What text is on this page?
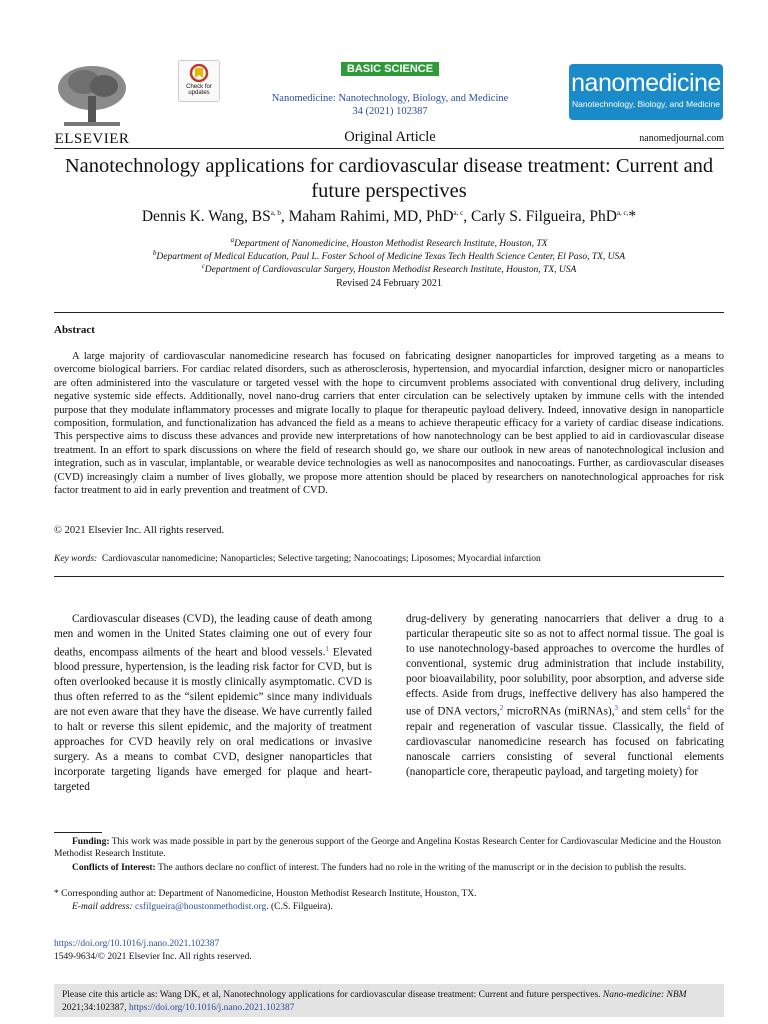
ELSEVIER
Check for
updates
BASIC SCIENCE
Nanomedicine: Nanotechnology, Biology, and Medicine
34 (2021) 102387
nanomedicine
Nanotechnology, Biology, and Medicine
Original Article	nanomedjournal.com
Nanotechnology applications for cardiovascular disease treatment: Current and future perspectives
Dennis K. Wang, BS$^{a, b}$, Maham Rahimi, MD, PhD$^{a, c}$, Carly S. Filgueira, PhD$^{a, c,}$*
$^a$Department of Nanomedicine, Houston Methodist Research Institute, Houston, TX
$^b$Department of Medical Education, Paul L. Foster School of Medicine Texas Tech Health Science Center, El Paso, TX, USA
$^c$Department of Cardiovascular Surgery, Houston Methodist Research Institute, Houston, TX, USA
Revised 24 February 2021
Abstract
A large majority of cardiovascular nanomedicine research has focused on fabricating designer nanoparticles for improved targeting as a means to overcome biological barriers. For cardiac related disorders, such as atherosclerosis, hypertension, and myocardial infarction, designer micro or nanoparticles are often administered into the vasculature or targeted vessel with the hope to circumvent problems associated with conventional drug delivery, including negative systemic side effects. Additionally, novel nano-drug carriers that enter circulation can be selectively uptaken by immune cells with the intended purpose that they modulate inflammatory processes and migrate locally to plaque for therapeutic payload delivery. Indeed, innovative design in nanoparticle composition, formulation, and functionalization has advanced the field as a means to achieve therapeutic efficacy for a variety of cardiac disease indications. This perspective aims to discuss these advances and provide new interpretations of how nanotechnology can be best applied to aid in cardiovascular disease treatment. In an effort to spark discussions on where the field of research should go, we share our outlook in new areas of nanotechnological inclusion and integration, such as in vascular, implantable, or wearable device technologies as well as nanocomposites and nanocoatings. Further, as cardiovascular diseases (CVD) increasingly claim a number of lives globally, we propose more attention should be placed by researchers on nanotechnological approaches for risk factor treatment to aid in early prevention and treatment of CVD.
© 2021 Elsevier Inc. All rights reserved.
Key words: Cardiovascular nanomedicine; Nanoparticles; Selective targeting; Nanocoatings; Liposomes; Myocardial infarction
Cardiovascular diseases (CVD), the leading cause of death among men and women in the United States claiming one out of every four deaths, encompass ailments of the heart and blood vessels.$^1$ Elevated blood pressure, hypertension, is the leading risk factor for CVD, but is often overlooked because it is mostly clinically asymptomatic. CVD is thus often referred to as the “silent epidemic” since many individuals are not even aware that they have the disease. We have currently failed to halt or reverse this silent epidemic, and the majority of treatment approaches for CVD heavily rely on oral medications or invasive surgery. As a means to combat CVD, designer nanoparticles that incorporate targeting ligands have emerged for plaque and heart-targeted
drug-delivery by generating nanocarriers that deliver a drug to a particular therapeutic site so as not to affect normal tissue. The goal is to use nanotechnology-based approaches to overcome the hurdles of conventional, systemic drug administration that include instability, poor bioavailability, poor solubility, poor absorption, and adverse side effects. Aside from drugs, ineffective delivery has also hampered the use of DNA vectors,$^2$ microRNAs (miRNAs),$^3$ and stem cells$^4$ for the repair and regeneration of vascular tissue. Classically, the field of cardiovascular nanomedicine research has focused on fabricating nanoscale carriers consisting of several functional elements (nanoparticle core, therapeutic payload, and targeting moiety) for
Funding: This work was made possible in part by the generous support of the George and Angelina Kostas Research Center for Cardiovascular Medicine and the Houston Methodist Research Institute.
Conflicts of Interest: The authors declare no conflict of interest. The funders had no role in the writing of the manuscript or in the decision to publish the results.
* Corresponding author at: Department of Nanomedicine, Houston Methodist Research Institute, Houston, TX.
E-mail address: csfilgueira@houstonmethodist.org. (C.S. Filgueira).
https://doi.org/10.1016/j.nano.2021.102387
1549-9634/© 2021 Elsevier Inc. All rights reserved.
Please cite this article as: Wang DK, et al, Nanotechnology applications for cardiovascular disease treatment: Current and future perspectives. Nano-medicine: NBM 2021;34:102387, https://doi.org/10.1016/j.nano.2021.102387
